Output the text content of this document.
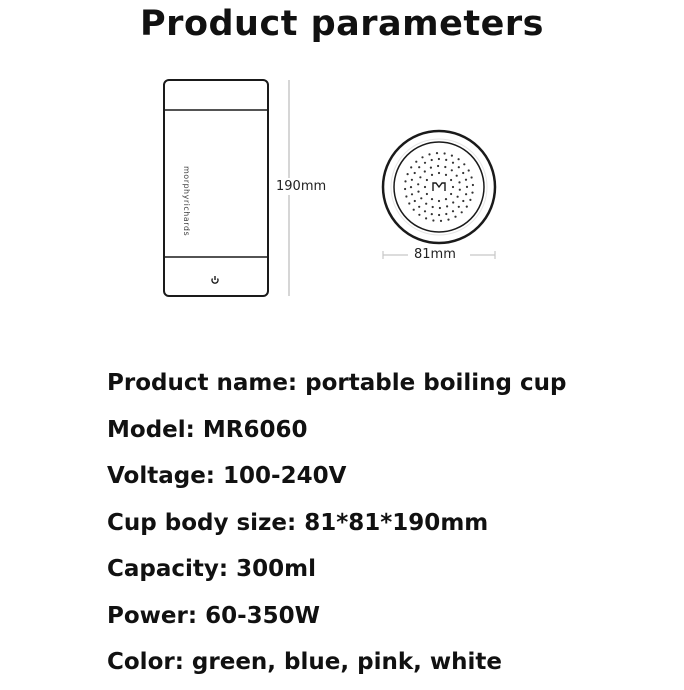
Product parameters
morphyrichards	190mm
81mm
Product name: portable boiling cup
Model: MR6060
Voltage: 100-240V
Cup body size: 81*81*190mm
Capacity: 300ml
Power: 60-350W
Color: green, blue, pink, white
